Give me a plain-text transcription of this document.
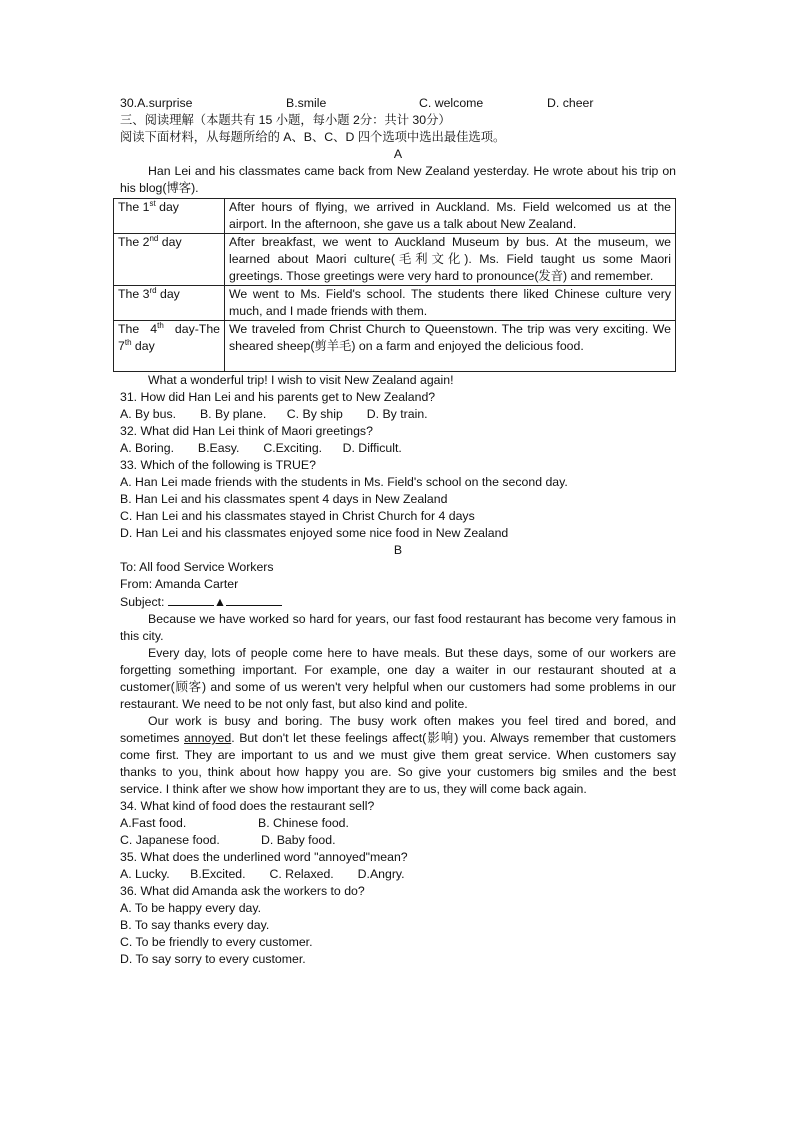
30.A.surprise	B.smile	C. welcome	D. cheer
三、阅读理解（本题共有 15 小题，每小题 2分：共计 30分）
阅读下面材料，从每题所给的 A、B、C、D 四个选项中选出最佳选项。
A
Han Lei and his classmates came back from New Zealand yesterday. He wrote about his trip on his blog(博客).
The 1st day	After hours of flying, we arrived in Auckland. Ms. Field welcomed us at the airport. In the afternoon, she gave us a talk about New Zealand.
The 2nd day	After breakfast, we went to Auckland Museum by bus. At the museum, we learned about Maori culture(毛利文化). Ms. Field taught us some Maori greetings. Those greetings were very hard to pronounce(发音) and remember.
The 3rd day	We went to Ms. Field's school. The students there liked Chinese culture very much, and I made friends with them.
The 4th day-The 7th day	We traveled from Christ Church to Queenstown. The trip was very exciting. We sheared sheep(剪羊毛) on a farm and enjoyed the delicious food.
What a wonderful trip! I wish to visit New Zealand again!
31. How did Han Lei and his parents get to New Zealand?
A. By bus. B. By plane. C. By ship D. By train.
32. What did Han Lei think of Maori greetings?
A. Boring. B.Easy. C.Exciting. D. Difficult.
33. Which of the following is TRUE?
A. Han Lei made friends with the students in Ms. Field's school on the second day.
B. Han Lei and his classmates spent 4 days in New Zealand
C. Han Lei and his classmates stayed in Christ Church for 4 days
D. Han Lei and his classmates enjoyed some nice food in New Zealand
B
To: All food Service Workers
From: Amanda Carter
Subject:	▲
Because we have worked so hard for years, our fast food restaurant has become very famous in this city.
Every day, lots of people come here to have meals. But these days, some of our workers are forgetting something important. For example, one day a waiter in our restaurant shouted at a customer(顾客) and some of us weren't very helpful when our customers had some problems in our restaurant. We need to be not only fast, but also kind and polite.
Our work is busy and boring. The busy work often makes you feel tired and bored, and sometimes annoyed. But don't let these feelings affect(影响) you. Always remember that customers come first. They are important to us and we must give them great service. When customers say thanks to you, think about how happy you are. So give your customers big smiles and the best service. I think after we show how important they are to us, they will come back again.
34. What kind of food does the restaurant sell?
A.Fast food.	B. Chinese food.
C. Japanese food.	D. Baby food.
35. What does the underlined word "annoyed"mean?
A. Lucky. B.Excited. C. Relaxed. D.Angry.
36. What did Amanda ask the workers to do?
A. To be happy every day.
B. To say thanks every day.
C. To be friendly to every customer.
D. To say sorry to every customer.
